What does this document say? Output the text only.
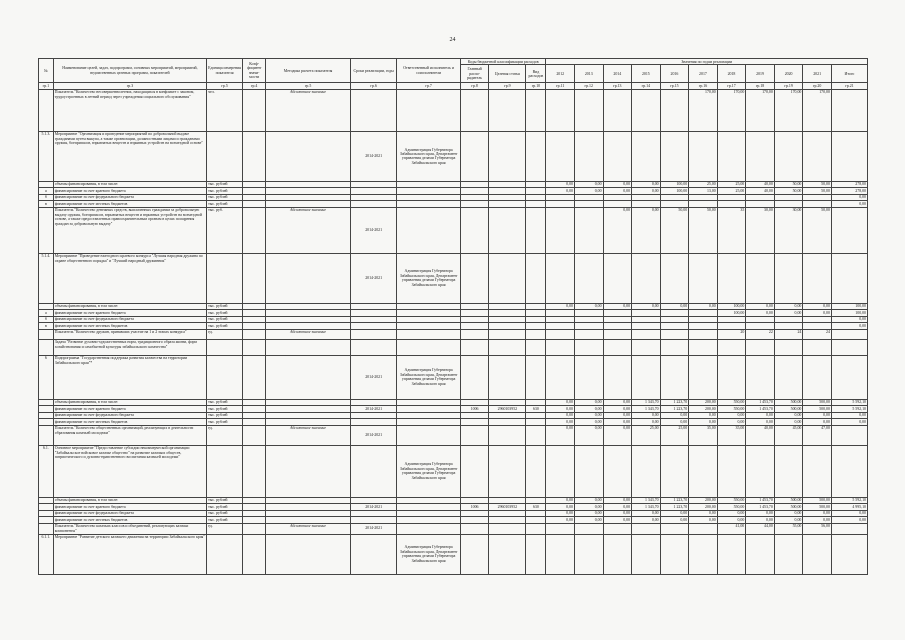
24
№	Наименование целей, задач, подпрограмм, основных мероприятий, мероприятий, ведомственных целевых программ, показателей	Единица измерения показателя	Коэф-фициент значи-мости	Методика расчета показателя	Сроки реализации, годы	Ответственный исполнитель и соисполнители	Коды бюджетной классификации расходов			Значения по годам реализации										
							Главный распо-рядитель	Целевая статья	Вид расходов	2012	2013	2014	2015	2016	2017	2018	2019	2020	2021	Итого

гр.1	гр.3	гр.5	гр.4	гр.5	гр.6	гр.7	гр.8	гр.9	гр.10	гр.11	гр.12	гр.13	гр.14	гр.15	гр.16	гр.17	гр.18	гр.19	гр.20	гр.21
	Показатель "Количество несовершеннолетних, находящихся в конфликте с законом, трудоустроенных в летний период через учреждения социального обслуживания"	чел.		Абсолютное значение											170,00	170,00	170,00	170,00	170,00	
5.1.3.	Мероприятие "Организация и проведение мероприятий по добровольной выдаче гражданами путем выкупа, а также организации, должностными лицами и гражданами оружия, боеприпасов, взрывчатых веществ и взрывных устройств на возмездной основе"				2014-2021	Администрация Губернатора Забайкальского края, Департамент управления делами Губернатора Забайкальского края														
	объемы финансирования, в том числе:	тыс. рублей								0,00	0,00	0,00	0,00	100,00	25,00	25,00	40,00	50,00	50,00	278,00
а	финансирование за счет краевого бюджета	тыс. рублей								0,00	0,00	0,00	0,00	100,00	13,00	25,00	40,00	50,00	50,00	278,00
б	финансирование за счет федерального бюджета	тыс. рублей																		0,00
в	финансирование за счет местных бюджетов	тыс. рублей																		0,00
	Показатель "Количество денежных средств, выплаченных гражданам за добровольную выдачу оружия, боеприпасов, взрывчатых веществ и взрывных устройств на возмездной основе, а также предоставленных правоохранительным органам в целях поощрения граждан за добровольную выдачу"	тыс. руб.		Абсолютное значение	2014-2021							0,00	0,00	50,00	50,00	35	30,00	30,00	50,00	
5.1.4.	Мероприятие "Проведение ежегодного краевого конкурса "Лучшая народная дружина по охране общественного порядка" и "Лучший народный дружинник"				2014-2021	Администрация Губернатора Забайкальского края, Департамент управления делами Губернатора Забайкальского края														
	объемы финансирования, в том числе:	тыс. рублей								0,00	0,00	0,00	0,00	0,00	0,00	100,00	0,00	0,00	0,00	100,00
а	финансирование за счет краевого бюджета	тыс. рублей														100,00	0,00	0,00	0,00	100,00
б	финансирование за счет федерального бюджета	тыс. рублей																		0,00
в	финансирование за счет местных бюджетов	тыс. рублей																		0,00
	Показатель "Количество дружин, принявших участие на 1 и 2 этапах конкурса"	ед.		Абсолютное значение												20	22	24	24	
	Задача "Развитие духовно-художественных норм, традиционного образа жизни, форм хозяйствования и самобытной культуры забайкальского казачества"																			
6	Подпрограмма "Государственная поддержка развития казачества на территории Забайкальского края"*				2014-2021	Администрация Губернатора Забайкальского края, Департамент управления делами Губернатора Забайкальского края														
	объемы финансирования, в том числе:	тыс. рублей								0,00	0,00	0,00	1 343,70	1 223,70	200,00	550,00	1 453,70	500,00	500,00	5 592,10
	финансирование за счет краевого бюджета	тыс. рублей			2014-2021		1006	2960103952	630	0,00	0,00	0,00	1 343,70	1 223,70	200,00	550,00	1 453,70	500,00	500,00	5 592,10
	финансирование за счет федерального бюджета	тыс. рублей								0,00	0,00	0,00	0,00	0,00	0,00	0,00	0,00	0,00	0,00	0,00
	финансирование за счет местных бюджетов	тыс. рублей								0,00	0,00	0,00	0,00	0,00	0,00	0,00	0,00	0,00	0,00	0,00
	Показатель "Количество общественных организаций, реализующих в деятельности образования казачьей молодежи"	ед.		Абсолютное значение	2014-2021					0,00	0,00	0,00	25,00	25,00	35,00	35,00	40,00	45,00	47,00	
6.1.	Основное мероприятие "Предоставление субсидии некоммерческой организации "Забайкальское войсковое казачье общество" на развитие казачьих обществ, патриотического и духовно-нравственного воспитания казачьей молодежи"					Администрация Губернатора Забайкальского края, Департамент управления делами Губернатора Забайкальского края														
	объемы финансирования, в том числе:	тыс. рублей								0,00	0,00	0,00	1 343,70	1 223,70	200,00	550,00	1 453,70	500,00	500,00	5 592,10
	финансирование за счет краевого бюджета	тыс. рублей			2014-2021		1006	2960103952	630	0,00	0,00	0,00	1 343,70	1 223,70	200,00	550,00	1 453,70	500,00	500,00	4 995,10
	финансирование за счет федерального бюджета	тыс. рублей								0,00	0,00	0,00	0,00	0,00	0,00	0,00	0,00	0,00	0,00	0,00
	финансирование за счет местных бюджетов	тыс. рублей								0,00	0,00	0,00	0,00	0,00	0,00	0,00	0,00	0,00	0,00	0,00
	Показатель "Количество казачьих классов и объединений, реализующих казачьи компоненты"	ед.		Абсолютное значение	2014-2021											41,00	44,00	55,00	56,00	
6.1.1.	Мероприятие "Развитие детского казачьего движения на территории Забайкальского края"					Администрация Губернатора Забайкальского края, Департамент управления делами Губернатора Забайкальского края														
